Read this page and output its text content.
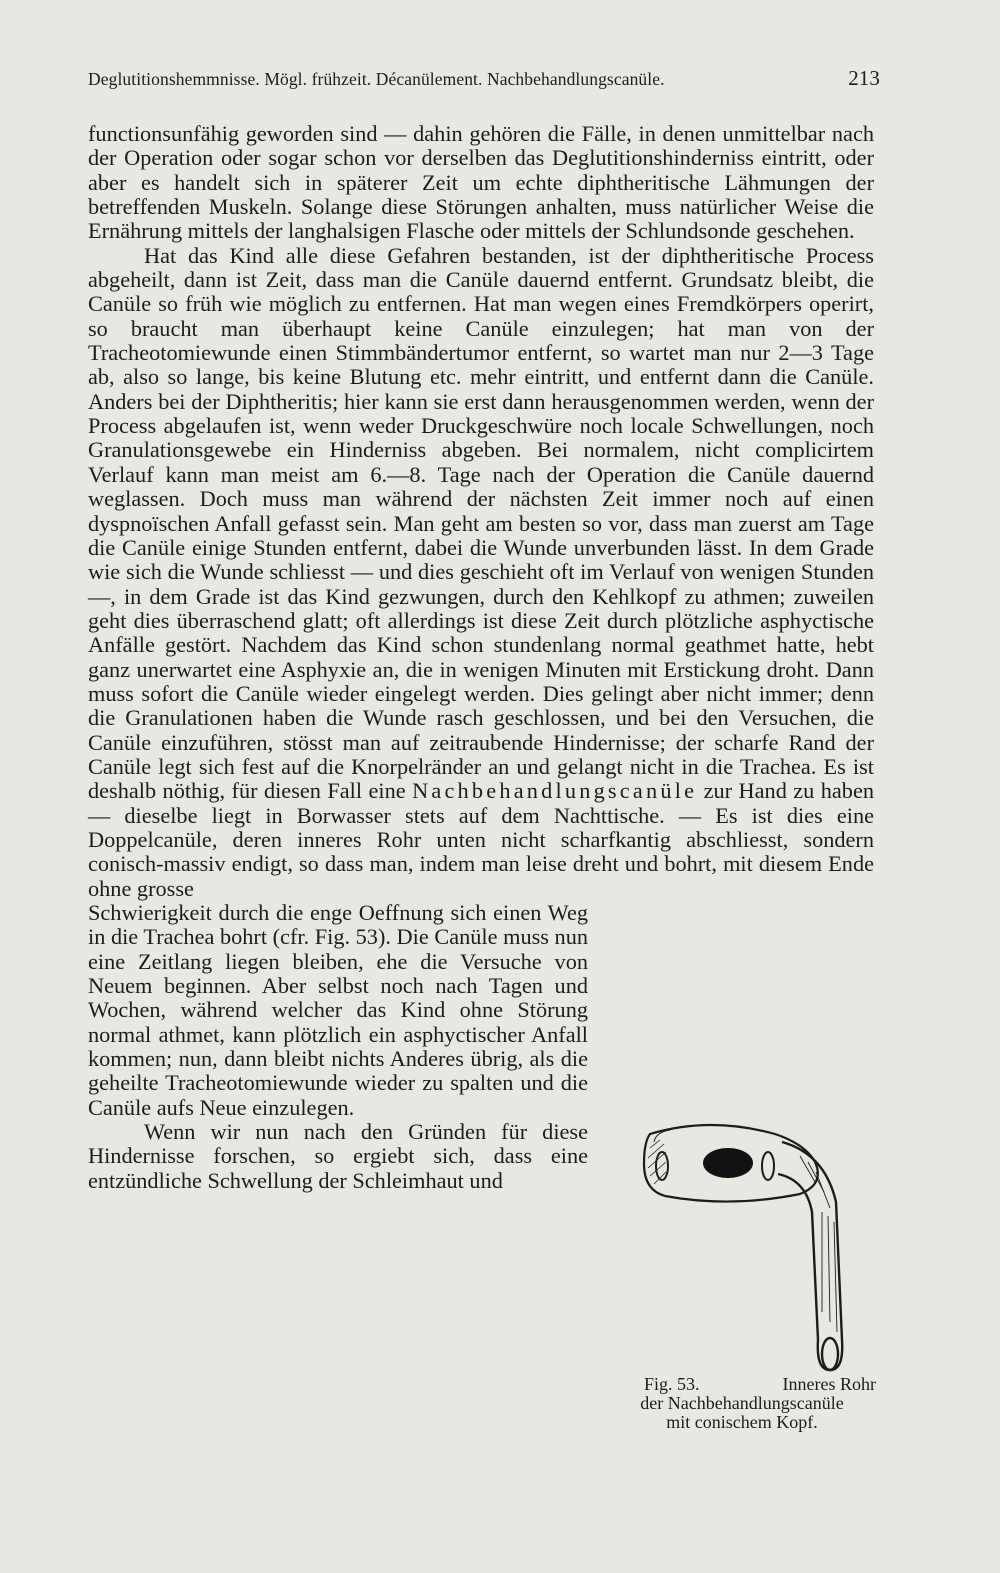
Deglutitionshemmnisse. Mögl. frühzeit. Décanülement. Nachbehandlungscanüle.	213

functionsunfähig geworden sind — dahin gehören die Fälle, in denen unmittelbar nach der Operation oder sogar schon vor derselben das Deglutitionshinderniss eintritt, oder aber es handelt sich in späterer Zeit um echte diphtheritische Lähmungen der betreffenden Muskeln. Solange diese Störungen anhalten, muss natürlicher Weise die Ernährung mittels der langhalsigen Flasche oder mittels der Schlundsonde geschehen.

Hat das Kind alle diese Gefahren bestanden, ist der diphtheritische Process abgeheilt, dann ist Zeit, dass man die Canüle dauernd entfernt. Grundsatz bleibt, die Canüle so früh wie möglich zu entfernen. Hat man wegen eines Fremdkörpers operirt, so braucht man überhaupt keine Canüle einzulegen; hat man von der Tracheotomiewunde einen Stimmbändertumor entfernt, so wartet man nur 2—3 Tage ab, also so lange, bis keine Blutung etc. mehr eintritt, und entfernt dann die Canüle. Anders bei der Diphtheritis; hier kann sie erst dann herausgenommen werden, wenn der Process abgelaufen ist, wenn weder Druckgeschwüre noch locale Schwellungen, noch Granulationsgewebe ein Hinderniss abgeben. Bei normalem, nicht complicirtem Verlauf kann man meist am 6.—8. Tage nach der Operation die Canüle dauernd weglassen. Doch muss man während der nächsten Zeit immer noch auf einen dyspnoïschen Anfall gefasst sein. Man geht am besten so vor, dass man zuerst am Tage die Canüle einige Stunden entfernt, dabei die Wunde unverbunden lässt. In dem Grade wie sich die Wunde schliesst — und dies geschieht oft im Verlauf von wenigen Stunden —, in dem Grade ist das Kind gezwungen, durch den Kehlkopf zu athmen; zuweilen geht dies überraschend glatt; oft allerdings ist diese Zeit durch plötzliche asphyctische Anfälle gestört. Nachdem das Kind schon stundenlang normal geathmet hatte, hebt ganz unerwartet eine Asphyxie an, die in wenigen Minuten mit Erstickung droht. Dann muss sofort die Canüle wieder eingelegt werden. Dies gelingt aber nicht immer; denn die Granulationen haben die Wunde rasch geschlossen, und bei den Versuchen, die Canüle einzuführen, stösst man auf zeitraubende Hindernisse; der scharfe Rand der Canüle legt sich fest auf die Knorpelränder an und gelangt nicht in die Trachea. Es ist deshalb nöthig, für diesen Fall eine Nachbehandlungscanüle zur Hand zu haben — dieselbe liegt in Borwasser stets auf dem Nachttische. — Es ist dies eine Doppelcanüle, deren inneres Rohr unten nicht scharfkantig abschliesst, sondern conisch-massiv endigt, so dass man, indem man leise dreht und bohrt, mit diesem Ende ohne grosse

Schwierigkeit durch die enge Oeffnung sich einen Weg in die Trachea bohrt (cfr. Fig. 53). Die Canüle muss nun eine Zeitlang liegen bleiben, ehe die Versuche von Neuem beginnen. Aber selbst noch nach Tagen und Wochen, während welcher das Kind ohne Störung normal athmet, kann plötzlich ein asphyctischer Anfall kommen; nun, dann bleibt nichts Anderes übrig, als die geheilte Tracheotomiewunde wieder zu spalten und die Canüle aufs Neue einzulegen.

Wenn wir nun nach den Gründen für diese Hindernisse forschen, so ergiebt sich, dass eine entzündliche Schwellung der Schleimhaut und

Fig. 53.	Inneres Rohr
der Nachbehandlungscanüle
mit conischem Kopf.
